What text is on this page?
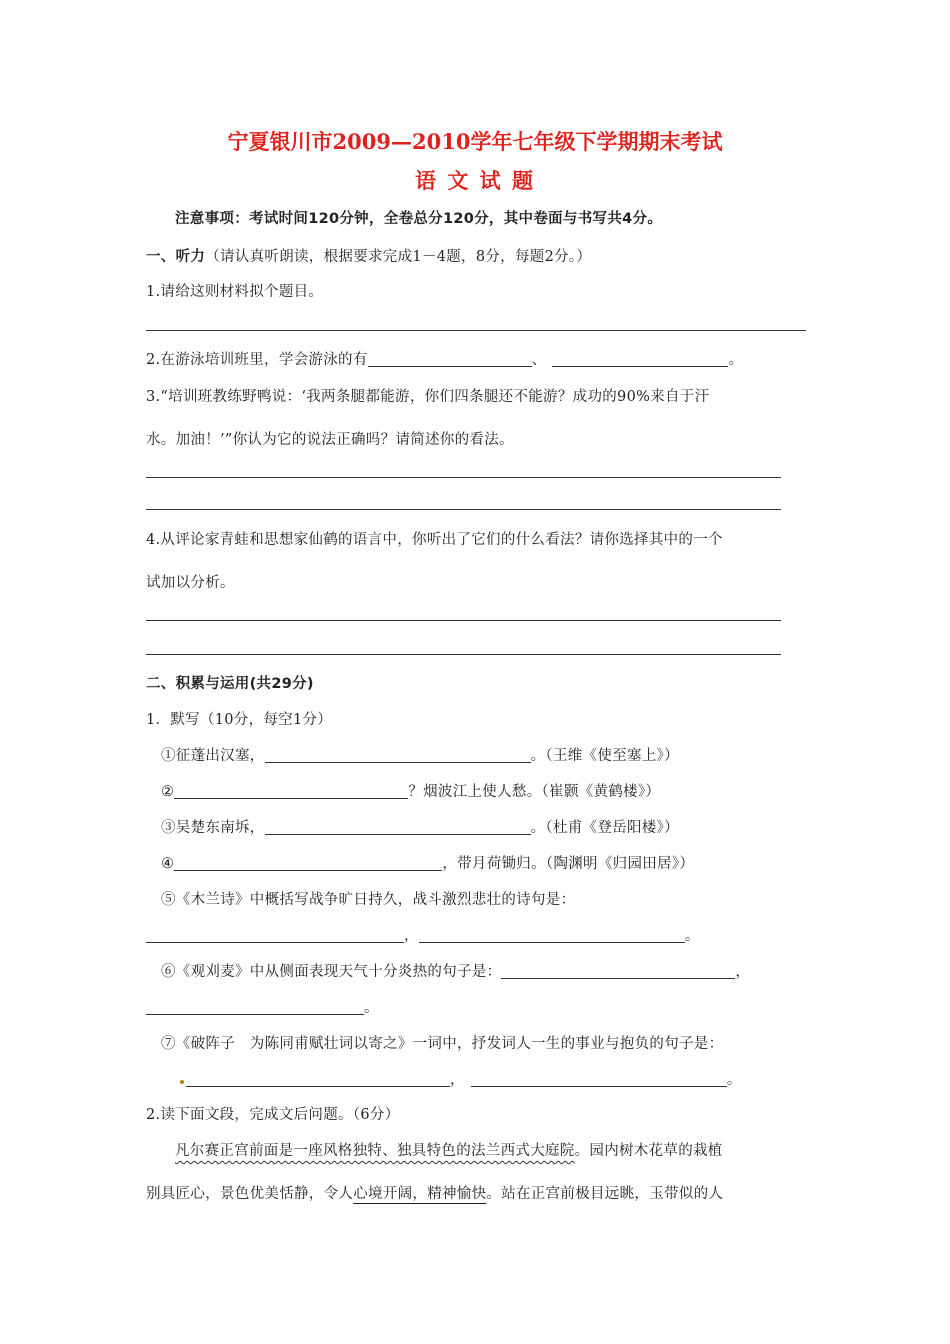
宁夏银川市2009—2010学年七年级下学期期末考试
语 文 试 题
注意事项：考试时间120分钟，全卷总分120分，其中卷面与书写共4分。
一、听力（请认真听朗读，根据要求完成1－4题，8分，每题2分。）
1.请给这则材料拟个题目。
2.在游泳培训班里，学会游泳的有	、	。
3.“培训班教练野鸭说：‘我两条腿都能游，你们四条腿还不能游？成功的90%来自于汗
水。加油！’”你认为它的说法正确吗？请简述你的看法。
4.从评论家青蛙和思想家仙鹤的语言中，你听出了它们的什么看法？请你选择其中的一个
试加以分析。
二、积累与运用(共29分)
1．默写（10分，每空1分）
①征蓬出汉塞，	。（王维《使至塞上》）
②	？烟波江上使人愁。（崔颢《黄鹤楼》）
③吴楚东南坼，	。（杜甫《登岳阳楼》）
④	，带月荷锄归。（陶渊明《归园田居》）
⑤《木兰诗》中概括写战争旷日持久，战斗激烈悲壮的诗句是：
，	。
⑥《观刈麦》中从侧面表现天气十分炎热的句子是：	，
。
⑦《破阵子　为陈同甫赋壮词以寄之》一词中，抒发词人一生的事业与抱负的句子是：
，	。
2.读下面文段，完成文后问题。（6分）
凡尔赛正宫前面是一座风格独特、独具特色的法兰西式大庭院。园内树木花草的栽植
别具匠心，景色优美恬静，令人心境开阔，精神愉快。站在正宫前极目远眺，玉带似的人
